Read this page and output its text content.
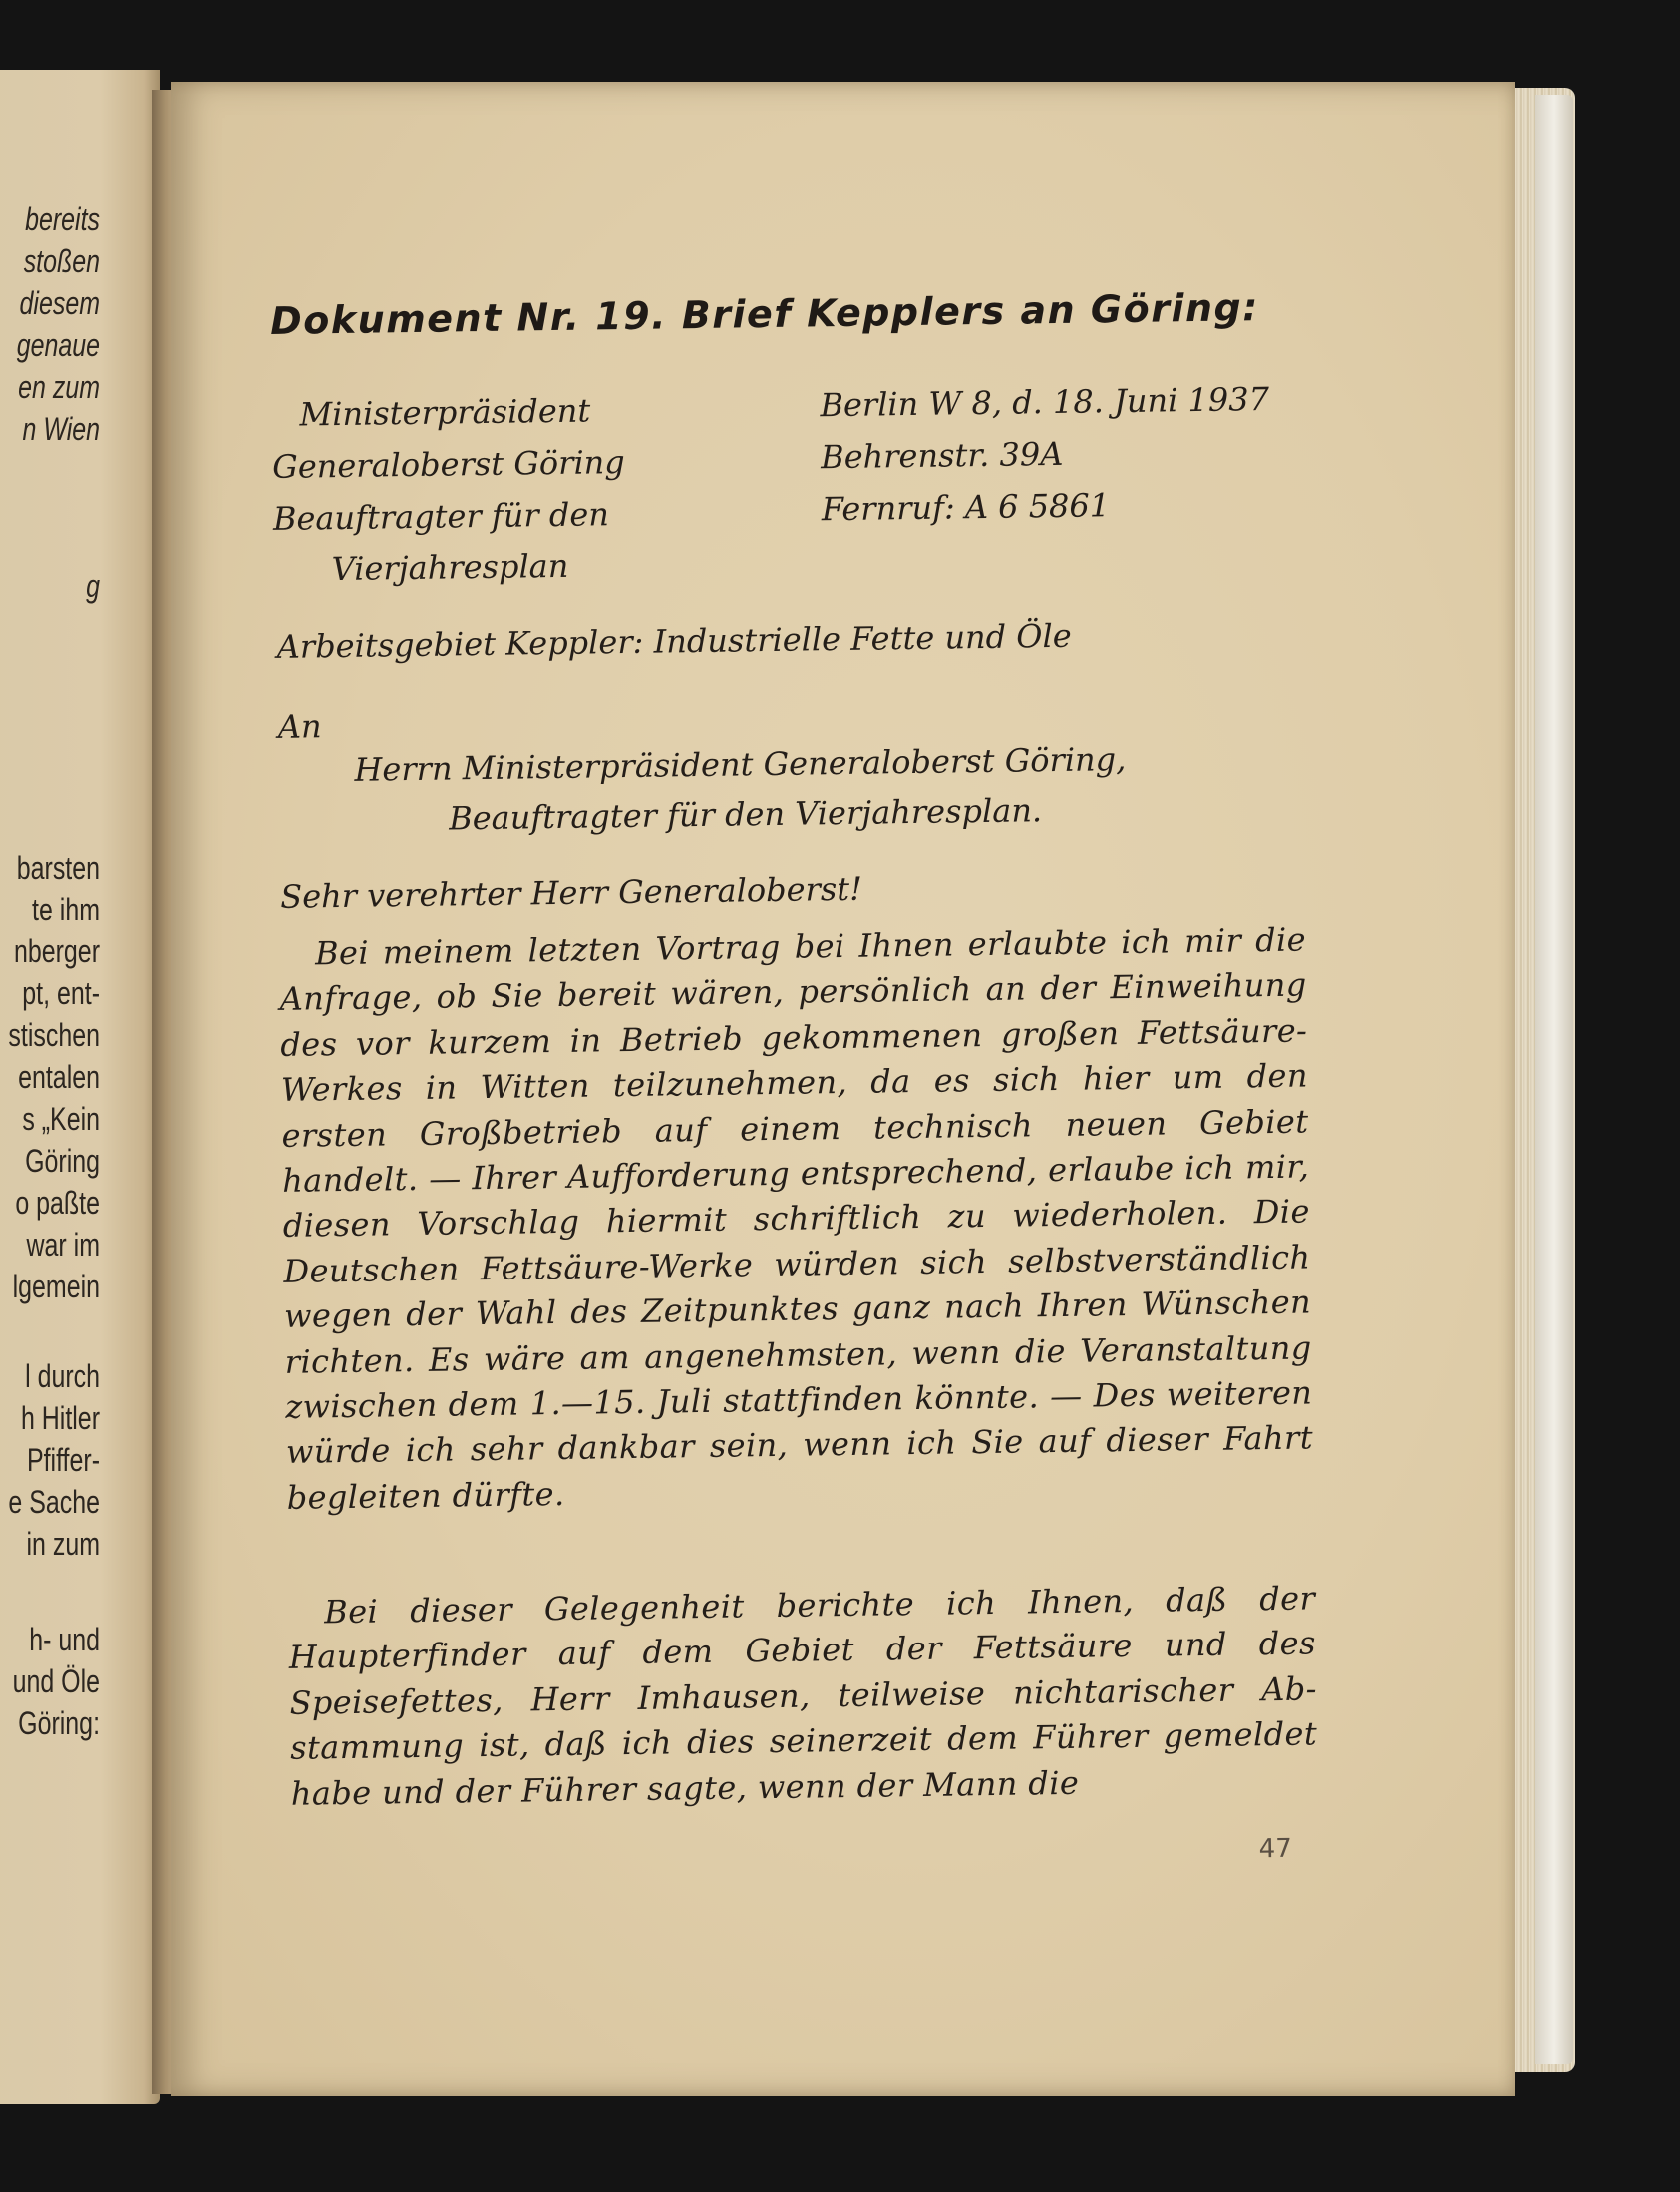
bereits
stoßen
diesem
genaue
en zum
n Wien
g
barsten
te ihm
nberger
pt, ent-
stischen
entalen
s „Kein
Göring
o paßte
war im
lgemein
l durch
h Hitler
Pfiffer-
e Sache
in zum
h- und
und Öle
Göring:
Dokument Nr. 19. Brief Kepplers an Göring:
Ministerpräsident
Generaloberst Göring
Beauftragter für den
Vierjahresplan
Berlin W 8, d. 18. Juni 1937
Behrenstr. 39A
Fernruf: A 6 5861
Arbeitsgebiet Keppler: Industrielle Fette und Öle
An
Herrn Ministerpräsident Generaloberst Göring,
Beauftragter für den Vierjahresplan.
Sehr verehrter Herr Generaloberst!
Bei meinem letzten Vortrag bei Ihnen erlaubte ich mir die Anfrage, ob Sie bereit wären, persönlich an der Einweihung des vor kurzem in Betrieb gekommenen großen Fettsäure-Werkes in Witten teilzunehmen, da es sich hier um den ersten Großbetrieb auf einem technisch neuen Gebiet handelt. — Ihrer Aufforderung entsprechend, erlaube ich mir, diesen Vorschlag hiermit schriftlich zu wiederholen. Die Deutschen Fettsäure-Werke würden sich selbstverständlich wegen der Wahl des Zeitpunktes ganz nach Ihren Wünschen richten. Es wäre am angenehmsten, wenn die Veranstaltung zwischen dem 1.—15. Juli stattfinden könnte. — Des weiteren würde ich sehr dankbar sein, wenn ich Sie auf dieser Fahrt begleiten dürfte.
Bei dieser Gelegenheit berichte ich Ihnen, daß der Haupterfinder auf dem Gebiet der Fettsäure und des Speisefettes, Herr Imhausen, teilweise nichtarischer Abstammung ist, daß ich dies seinerzeit dem Führer gemeldet habe und der Führer sagte, wenn der Mann die
47
